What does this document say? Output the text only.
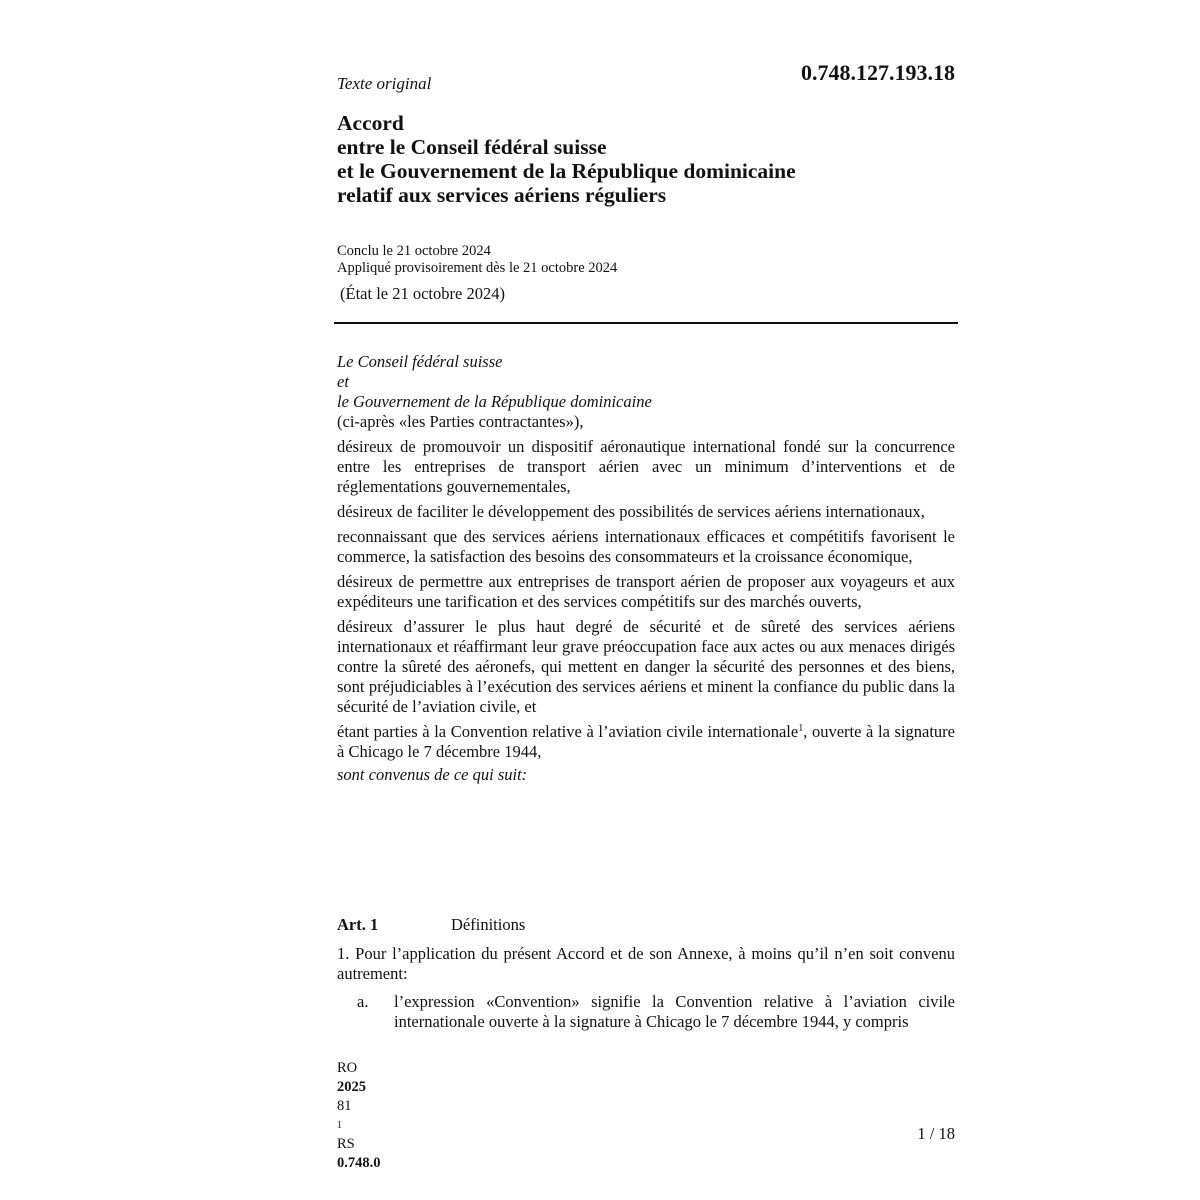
Texte original	0.748.127.193.18
Accord
entre le Conseil fédéral suisse
et le Gouvernement de la République dominicaine
relatif aux services aériens réguliers
Conclu le 21 octobre 2024
Appliqué provisoirement dès le 21 octobre 2024
(État le 21 octobre 2024)
Le Conseil fédéral suisse
et
le Gouvernement de la République dominicaine
(ci-après «les Parties contractantes»),

désireux de promouvoir un dispositif aéronautique international fondé sur la concurrence entre les entreprises de transport aérien avec un minimum d’interventions et de réglementations gouvernementales,

désireux de faciliter le développement des possibilités de services aériens internationaux,

reconnaissant que des services aériens internationaux efficaces et compétitifs favorisent le commerce, la satisfaction des besoins des consommateurs et la croissance économique,

désireux de permettre aux entreprises de transport aérien de proposer aux voyageurs et aux expéditeurs une tarification et des services compétitifs sur des marchés ouverts,

désireux d’assurer le plus haut degré de sécurité et de sûreté des services aériens internationaux et réaffirmant leur grave préoccupation face aux actes ou aux menaces dirigés contre la sûreté des aéronefs, qui mettent en danger la sécurité des personnes et des biens, sont préjudiciables à l’exécution des services aériens et minent la confiance du public dans la sécurité de l’aviation civile, et

étant parties à la Convention relative à l’aviation civile internationale$^1$, ouverte à la signature à Chicago le 7 décembre 1944,

sont convenus de ce qui suit:
Art. 1	Définitions
1. Pour l’application du présent Accord et de son Annexe, à moins qu’il n’en soit convenu autrement:
a. l’expression «Convention» signifie la Convention relative à l’aviation civile internationale ouverte à la signature à Chicago le 7 décembre 1944, y compris
RO
2025
81
1
RS
0.748.0
1 / 18
